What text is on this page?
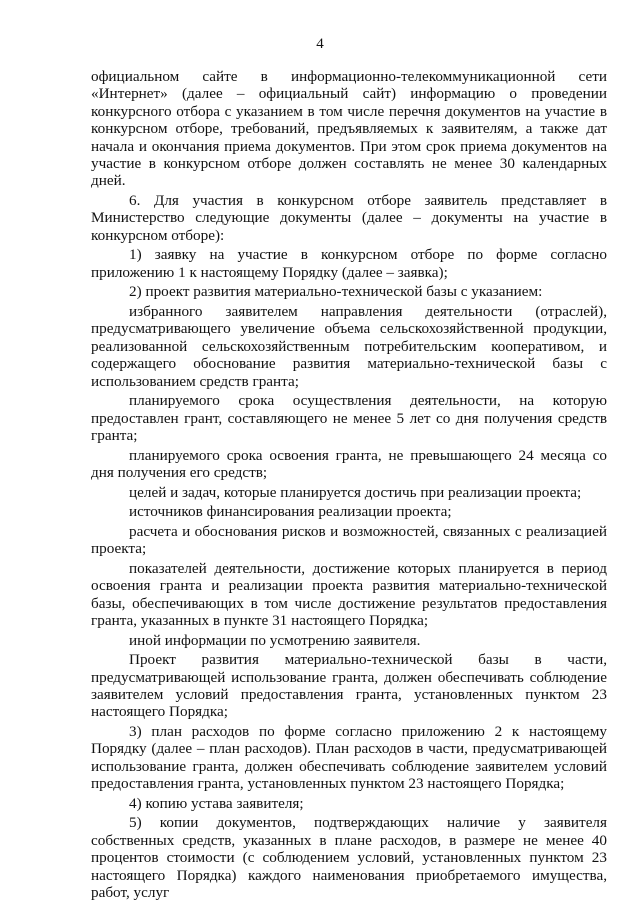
4

официальном сайте в информационно-телекоммуникационной сети «Интернет» (далее – официальный сайт) информацию о проведении конкурсного отбора с указанием в том числе перечня документов на участие в конкурсном отборе, требований, предъявляемых к заявителям, а также дат начала и окончания приема документов. При этом срок приема документов на участие в конкурсном отборе должен составлять не менее 30 календарных дней.

6. Для участия в конкурсном отборе заявитель представляет в Министерство следующие документы (далее – документы на участие в конкурсном отборе):

1) заявку на участие в конкурсном отборе по форме согласно приложению 1 к настоящему Порядку (далее – заявка);

2) проект развития материально-технической базы с указанием:

избранного заявителем направления деятельности (отраслей), предусматривающего увеличение объема сельскохозяйственной продукции, реализованной сельскохозяйственным потребительским кооперативом, и содержащего обоснование развития материально-технической базы с использованием средств гранта;

планируемого срока осуществления деятельности, на которую предоставлен грант, составляющего не менее 5 лет со дня получения средств гранта;

планируемого срока освоения гранта, не превышающего 24 месяца со дня получения его средств;

целей и задач, которые планируется достичь при реализации проекта;

источников финансирования реализации проекта;

расчета и обоснования рисков и возможностей, связанных с реализацией проекта;

показателей деятельности, достижение которых планируется в период освоения гранта и реализации проекта развития материально-технической базы, обеспечивающих в том числе достижение результатов предоставления гранта, указанных в пункте 31 настоящего Порядка;

иной информации по усмотрению заявителя.

Проект развития материально-технической базы в части, предусматривающей использование гранта, должен обеспечивать соблюдение заявителем условий предоставления гранта, установленных пунктом 23 настоящего Порядка;

3) план расходов по форме согласно приложению 2 к настоящему Порядку (далее – план расходов). План расходов в части, предусматривающей использование гранта, должен обеспечивать соблюдение заявителем условий предоставления гранта, установленных пунктом 23 настоящего Порядка;

4) копию устава заявителя;

5) копии документов, подтверждающих наличие у заявителя собственных средств, указанных в плане расходов, в размере не менее 40 процентов стоимости (с соблюдением условий, установленных пунктом 23 настоящего Порядка) каждого наименования приобретаемого имущества, работ, услуг
